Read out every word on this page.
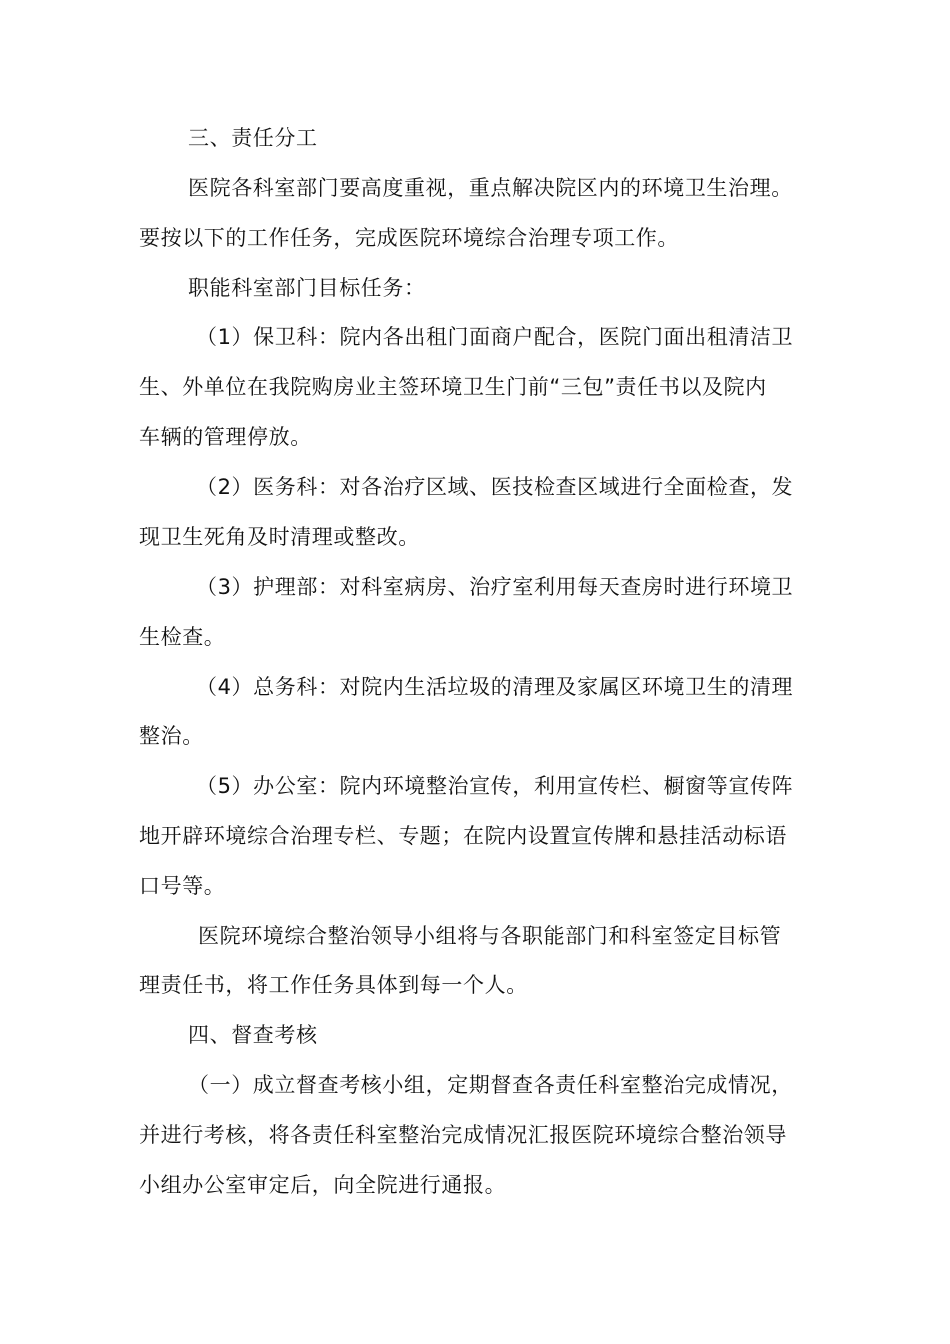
三、责任分工
医院各科室部门要高度重视，重点解决院区内的环境卫生治理。
要按以下的工作任务，完成医院环境综合治理专项工作。
职能科室部门目标任务：
（1）保卫科：院内各出租门面商户配合，医院门面出租清洁卫
生、外单位在我院购房业主签环境卫生门前“三包”责任书以及院内
车辆的管理停放。
（2）医务科：对各治疗区域、医技检查区域进行全面检查，发
现卫生死角及时清理或整改。
（3）护理部：对科室病房、治疗室利用每天查房时进行环境卫
生检查。
（4）总务科：对院内生活垃圾的清理及家属区环境卫生的清理
整治。
（5）办公室：院内环境整治宣传，利用宣传栏、橱窗等宣传阵
地开辟环境综合治理专栏、专题；在院内设置宣传牌和悬挂活动标语
口号等。
医院环境综合整治领导小组将与各职能部门和科室签定目标管
理责任书，将工作任务具体到每一个人。
四、督查考核
（一）成立督查考核小组，定期督查各责任科室整治完成情况，
并进行考核，将各责任科室整治完成情况汇报医院环境综合整治领导
小组办公室审定后，向全院进行通报。
